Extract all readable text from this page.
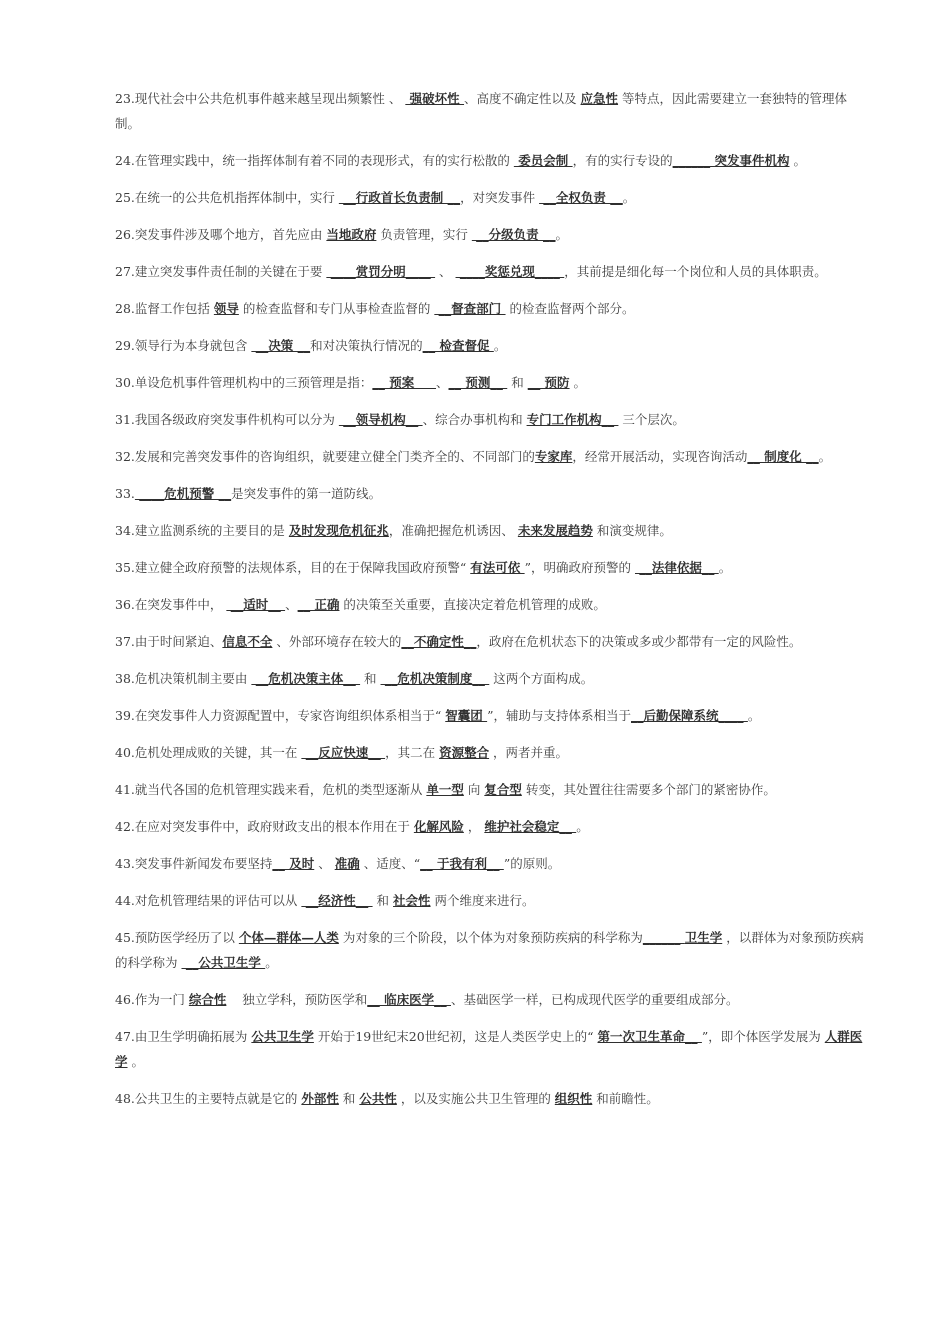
23.现代社会中公共危机事件越来越呈现出频繁性 、  强破坏性 、高度不确定性以及 应急性 等特点，因此需要建立一套独特的管理体制。

24.在管理实践中，统一指挥体制有着不同的表现形式，有的实行松散的  委员会制 ，有的实行专设的______ 突发事件机构 。

25.在统一的公共危机指挥体制中，实行  __行政首长负责制 __，对突发事件  __全权负责 __。

26.突发事件涉及哪个地方，首先应由 当地政府 负责管理，实行  __分级负责 __。

27.建立突发事件责任制的关键在于要  ____赏罚分明____  、  ____奖惩兑现____ ，其前提是细化每一个岗位和人员的具体职责。

28.监督工作包括 领导 的检查监督和专门从事检查监督的  __督查部门  的检查监督两个部分。

29.领导行为本身就包含  __决策 __和对决策执行情况的__ 检查督促 。

30.单设危机事件管理机构中的三预管理是指：__ 预案     、__ 预测__  和 __ 预防 。

31.我国各级政府突发事件机构可以分为  __领导机构__ 、综合办事机构和 专门工作机构__  三个层次。

32.发展和完善突发事件的咨询组织，就要建立健全门类齐全的、不同部门的专家库，经常开展活动，实现咨询活动__ 制度化 __。

33. ____危机预警 __是突发事件的第一道防线。

34.建立监测系统的主要目的是 及时发现危机征兆，准确把握危机诱因、 未来发展趋势 和演变规律。

35.建立健全政府预警的法规体系，目的在于保障我国政府预警“ 有法可依 ”，明确政府预警的  __法律依据__ 。

36.在突发事件中，  __适时__ 、__ 正确 的决策至关重要，直接决定着危机管理的成败。

37.由于时间紧迫、信息不全 、外部环境存在较大的__不确定性__，政府在危机状态下的决策或多或少都带有一定的风险性。

38.危机决策机制主要由  __危机决策主体__  和  __危机决策制度__  这两个方面构成。

39.在突发事件人力资源配置中，专家咨询组织体系相当于“ 智囊团 ”，辅助与支持体系相当于__后勤保障系统____ 。

40.危机处理成败的关键，其一在  __反应快速__ ，其二在 资源整合 ，两者并重。

41.就当代各国的危机管理实践来看，危机的类型逐渐从 单一型 向 复合型 转变，其处置往往需要多个部门的紧密协作。

42.在应对突发事件中，政府财政支出的根本作用在于 化解风险 ， 维护社会稳定__ 。

43.突发事件新闻发布要坚持__ 及时 、 准确 、适度、“__ 于我有利__ ”的原则。

44.对危机管理结果的评估可以从  __经济性__  和 社会性 两个维度来进行。

45.预防医学经历了以 个体—群体—人类 为对象的三个阶段，以个体为对象预防疾病的科学称为______ 卫生学 ，以群体为对象预防疾病的科学称为  __公共卫生学 。

46.作为一门 综合性    独立学科，预防医学和__ 临床医学__ 、基础医学一样，已构成现代医学的重要组成部分。

47.由卫生学明确拓展为 公共卫生学 开始于19世纪末20世纪初，这是人类医学史上的“ 第一次卫生革命__ ”，即个体医学发展为 人群医学 。

48.公共卫生的主要特点就是它的 外部性 和 公共性 ，以及实施公共卫生管理的 组织性 和前瞻性。
